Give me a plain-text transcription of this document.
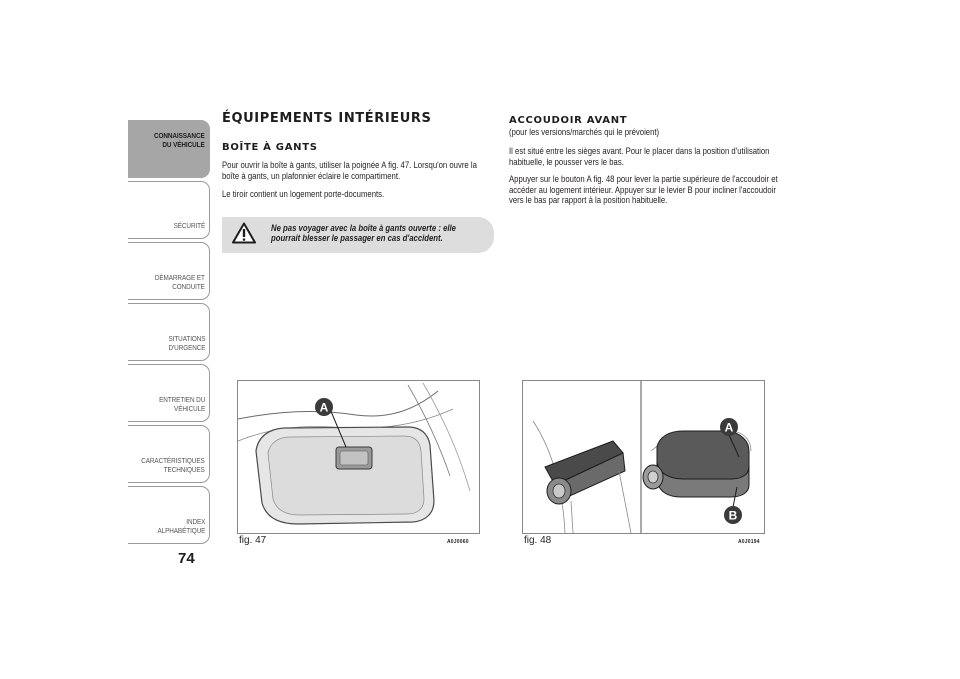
CONNAISSANCE
DU VÉHICULE
SÉCURITÉ
DÉMARRAGE ET
CONDUITE
SITUATIONS
D'URGENCE
ENTRETIEN DU
VÉHICULE
CARACTÉRISTIQUES
TECHNIQUES
INDEX
ALPHABÉTIQUE
74
ÉQUIPEMENTS INTÉRIEURS
BOÎTE À GANTS

Pour ouvrir la boîte à gants, utiliser la poignée A fig. 47. Lorsqu'on ouvre la boîte à gants, un plafonnier éclaire le compartiment.

Le tiroir contient un logement porte-documents.

Ne pas voyager avec la boîte à gants ouverte : elle pourrait blesser le passager en cas d'accident.
ACCOUDOIR AVANT

(pour les versions/marchés qui le prévoient)

Il est situé entre les sièges avant. Pour le placer dans la position d'utilisation habituelle, le pousser vers le bas.

Appuyer sur le bouton A fig. 48 pour lever la partie supérieure de l'accoudoir et accéder au logement intérieur. Appuyer sur le levier B pour incliner l'accoudoir vers le bas par rapport à la position habituelle.

A
fig. 47	A0J0060
A
B
fig. 48	A0J0194
